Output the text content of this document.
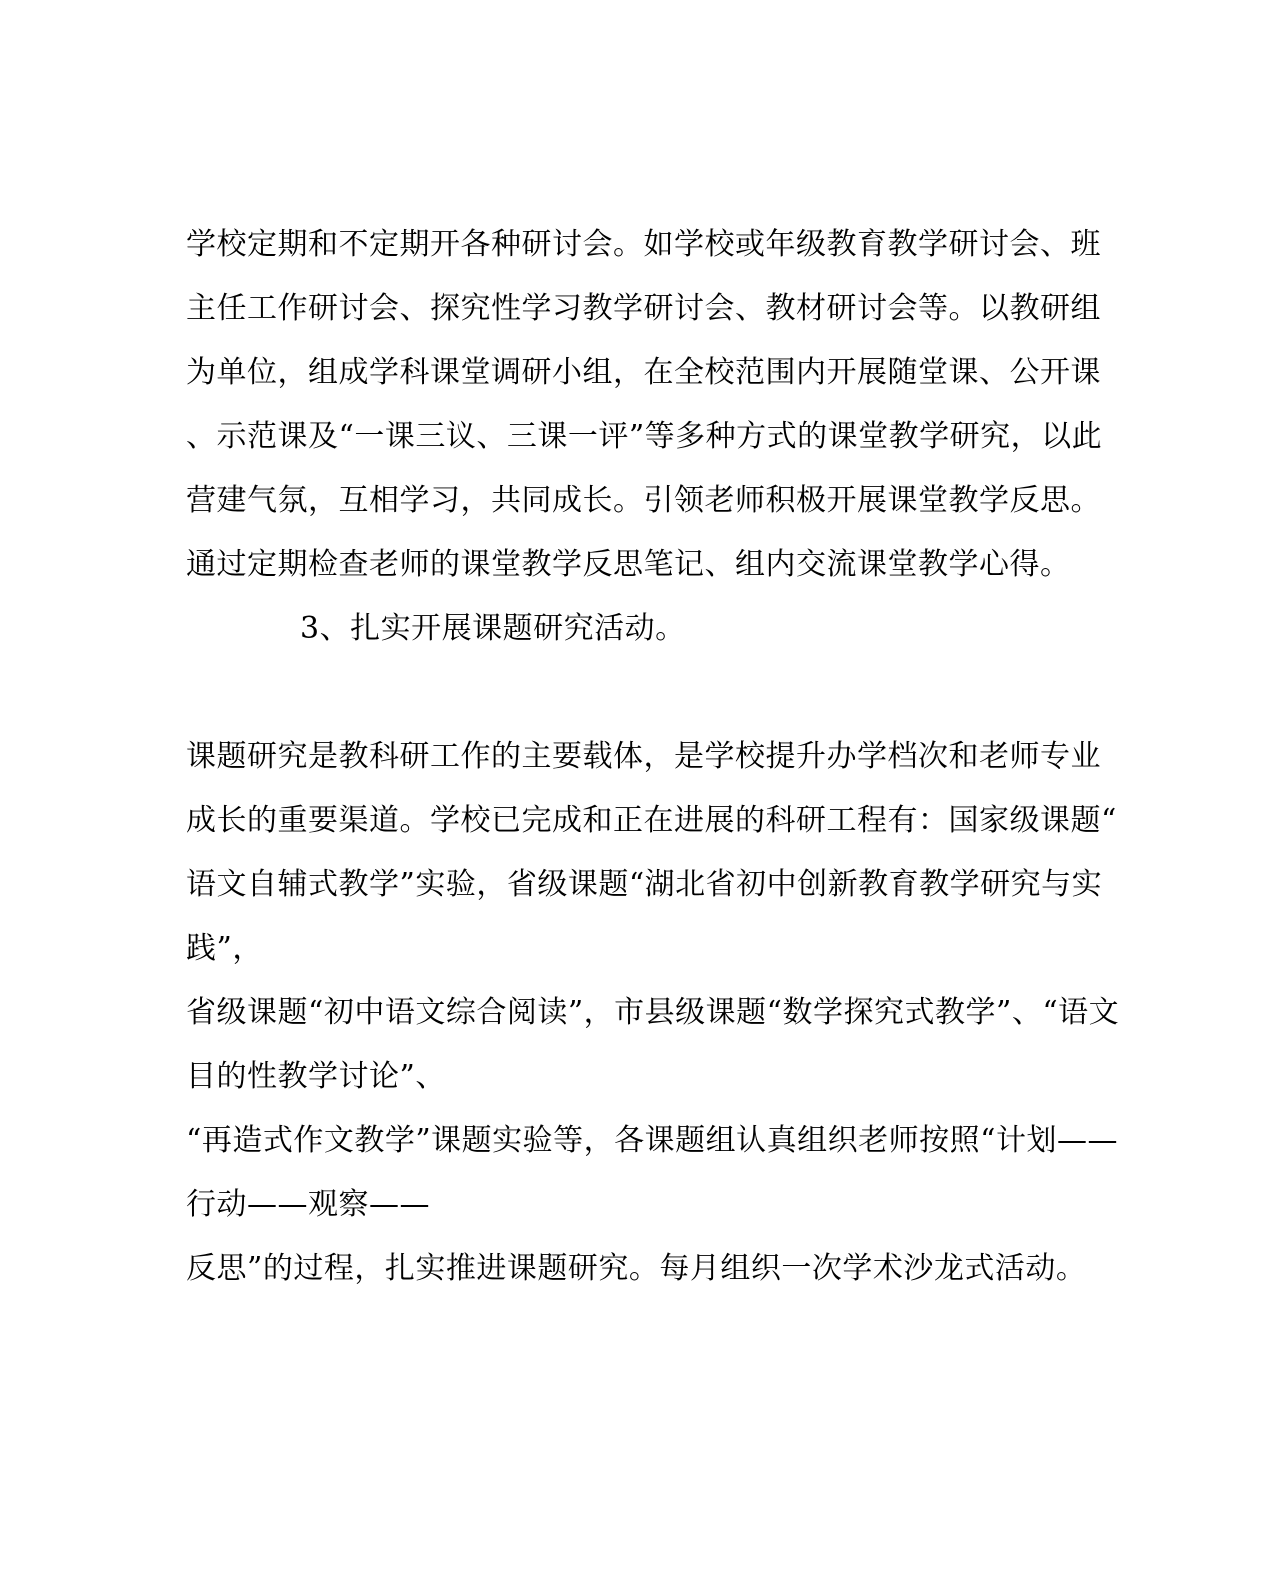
学校定期和不定期开各种研讨会。如学校或年级教育教学研讨会、班
主任工作研讨会、探究性学习教学研讨会、教材研讨会等。以教研组
为单位，组成学科课堂调研小组，在全校范围内开展随堂课、公开课
、示范课及“一课三议、三课一评”等多种方式的课堂教学研究，以此
营建气氛，互相学习，共同成长。引领老师积极开展课堂教学反思。
通过定期检查老师的课堂教学反思笔记、组内交流课堂教学心得。
3、扎实开展课题研究活动。
课题研究是教科研工作的主要载体，是学校提升办学档次和老师专业
成长的重要渠道。学校已完成和正在进展的科研工程有：国家级课题“
语文自辅式教学”实验，省级课题“湖北省初中创新教育教学研究与实
践”，
省级课题“初中语文综合阅读”，市县级课题“数学探究式教学”、“语文
目的性教学讨论”、
“再造式作文教学”课题实验等，各课题组认真组织老师按照“计划——
行动——观察——
反思”的过程，扎实推进课题研究。每月组织一次学术沙龙式活动。
